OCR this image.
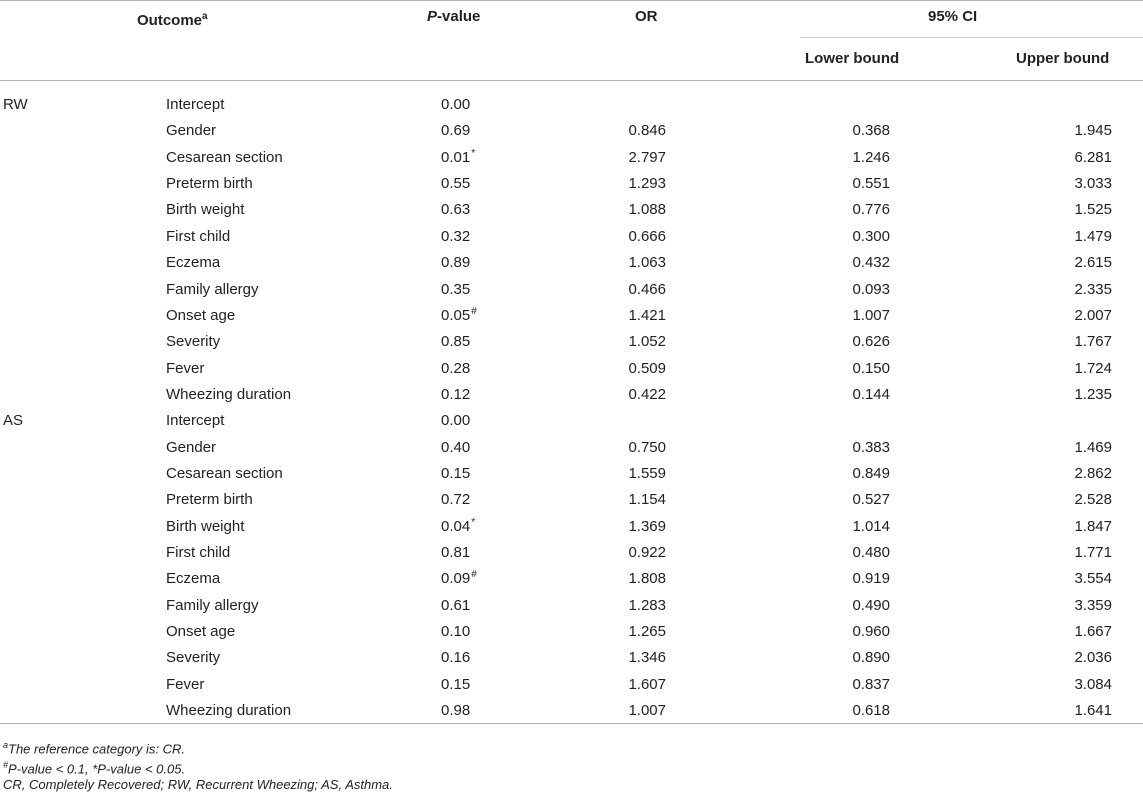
Outcome$^a$	P-value	OR	95% CI
Lower bound	Upper bound
RW	Intercept	0.00
Gender	0.69	0.846	0.368	1.945
Cesarean section	0.01*	2.797	1.246	6.281
Preterm birth	0.55	1.293	0.551	3.033
Birth weight	0.63	1.088	0.776	1.525
First child	0.32	0.666	0.300	1.479
Eczema	0.89	1.063	0.432	2.615
Family allergy	0.35	0.466	0.093	2.335
Onset age	0.05#	1.421	1.007	2.007
Severity	0.85	1.052	0.626	1.767
Fever	0.28	0.509	0.150	1.724
Wheezing duration	0.12	0.422	0.144	1.235
AS	Intercept	0.00
Gender	0.40	0.750	0.383	1.469
Cesarean section	0.15	1.559	0.849	2.862
Preterm birth	0.72	1.154	0.527	2.528
Birth weight	0.04*	1.369	1.014	1.847
First child	0.81	0.922	0.480	1.771
Eczema	0.09#	1.808	0.919	3.554
Family allergy	0.61	1.283	0.490	3.359
Onset age	0.10	1.265	0.960	1.667
Severity	0.16	1.346	0.890	2.036
Fever	0.15	1.607	0.837	3.084
Wheezing duration	0.98	1.007	0.618	1.641
$^a$The reference category is: CR.
#P-value < 0.1, *P-value < 0.05.
CR, Completely Recovered; RW, Recurrent Wheezing; AS, Asthma.
